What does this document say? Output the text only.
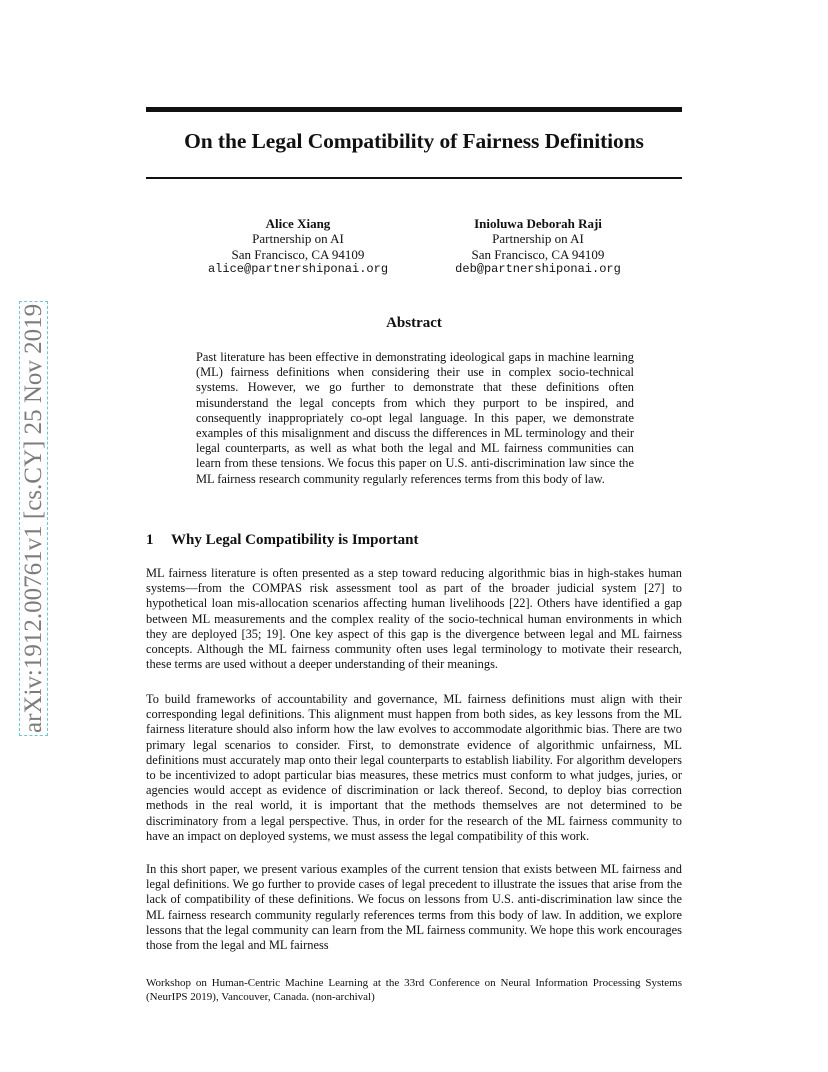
arXiv:1912.00761v1 [cs.CY] 25 Nov 2019
On the Legal Compatibility of Fairness Definitions
Alice Xiang
Partnership on AI
San Francisco, CA 94109
alice@partnershiponai.org
Inioluwa Deborah Raji
Partnership on AI
San Francisco, CA 94109
deb@partnershiponai.org
Abstract

Past literature has been effective in demonstrating ideological gaps in machine learning (ML) fairness definitions when considering their use in complex socio-technical systems. However, we go further to demonstrate that these definitions often misunderstand the legal concepts from which they purport to be inspired, and consequently inappropriately co-opt legal language. In this paper, we demonstrate examples of this misalignment and discuss the differences in ML terminology and their legal counterparts, as well as what both the legal and ML fairness communities can learn from these tensions. We focus this paper on U.S. anti-discrimination law since the ML fairness research community regularly references terms from this body of law.

1 Why Legal Compatibility is Important

ML fairness literature is often presented as a step toward reducing algorithmic bias in high-stakes human systems—from the COMPAS risk assessment tool as part of the broader judicial system [27] to hypothetical loan mis-allocation scenarios affecting human livelihoods [22]. Others have identified a gap between ML measurements and the complex reality of the socio-technical human environments in which they are deployed [35; 19]. One key aspect of this gap is the divergence between legal and ML fairness concepts. Although the ML fairness community often uses legal terminology to motivate their research, these terms are used without a deeper understanding of their meanings.

To build frameworks of accountability and governance, ML fairness definitions must align with their corresponding legal definitions. This alignment must happen from both sides, as key lessons from the ML fairness literature should also inform how the law evolves to accommodate algorithmic bias. There are two primary legal scenarios to consider. First, to demonstrate evidence of algorithmic unfairness, ML definitions must accurately map onto their legal counterparts to establish liability. For algorithm developers to be incentivized to adopt particular bias measures, these metrics must conform to what judges, juries, or agencies would accept as evidence of discrimination or lack thereof. Second, to deploy bias correction methods in the real world, it is important that the methods themselves are not determined to be discriminatory from a legal perspective. Thus, in order for the research of the ML fairness community to have an impact on deployed systems, we must assess the legal compatibility of this work.

In this short paper, we present various examples of the current tension that exists between ML fairness and legal definitions. We go further to provide cases of legal precedent to illustrate the issues that arise from the lack of compatibility of these definitions. We focus on lessons from U.S. anti-discrimination law since the ML fairness research community regularly references terms from this body of law. In addition, we explore lessons that the legal community can learn from the ML fairness community. We hope this work encourages those from the legal and ML fairness

Workshop on Human-Centric Machine Learning at the 33rd Conference on Neural Information Processing Systems (NeurIPS 2019), Vancouver, Canada. (non-archival)
